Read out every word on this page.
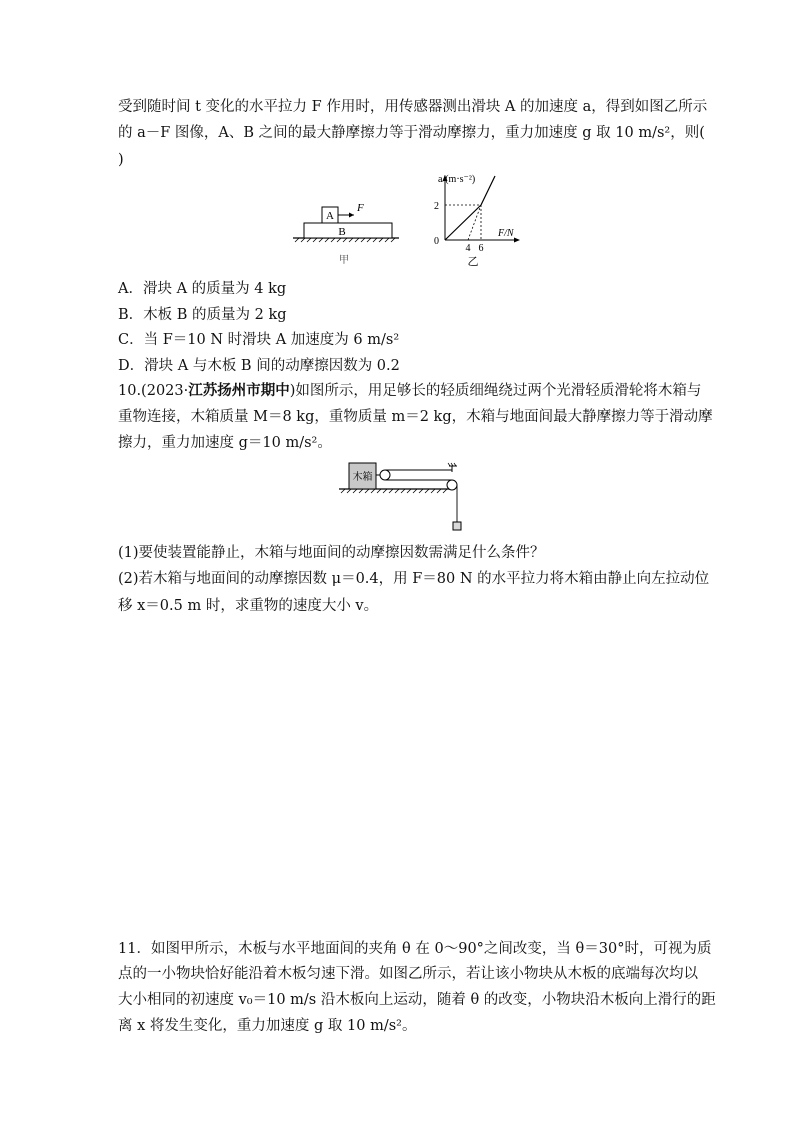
受到随时间 t 变化的水平拉力 F 作用时，用传感器测出滑块 A 的加速度 a，得到如图乙所示
的 a－F 图像，A、B 之间的最大静摩擦力等于滑动摩擦力，重力加速度 g 取 10 m/s²，则(
)
A
B
F
甲
a/(m·s⁻²)
F/N
2
0
4 6
乙
A．滑块 A 的质量为 4 kg
B．木板 B 的质量为 2 kg
C．当 F＝10 N 时滑块 A 加速度为 6 m/s²
D．滑块 A 与木板 B 间的动摩擦因数为 0.2
10.(2023·江苏扬州市期中)如图所示，用足够长的轻质细绳绕过两个光滑轻质滑轮将木箱与
重物连接，木箱质量 M＝8 kg，重物质量 m＝2 kg，木箱与地面间最大静摩擦力等于滑动摩
擦力，重力加速度 g＝10 m/s²。
木箱
(1)要使装置能静止，木箱与地面间的动摩擦因数需满足什么条件？
(2)若木箱与地面间的动摩擦因数 μ＝0.4，用 F＝80 N 的水平拉力将木箱由静止向左拉动位
移 x＝0.5 m 时，求重物的速度大小 v。
11．如图甲所示，木板与水平地面间的夹角 θ 在 0～90°之间改变，当 θ＝30°时，可视为质
点的一小物块恰好能沿着木板匀速下滑。如图乙所示，若让该小物块从木板的底端每次均以
大小相同的初速度 v₀＝10 m/s 沿木板向上运动，随着 θ 的改变，小物块沿木板向上滑行的距
离 x 将发生变化，重力加速度 g 取 10 m/s²。
